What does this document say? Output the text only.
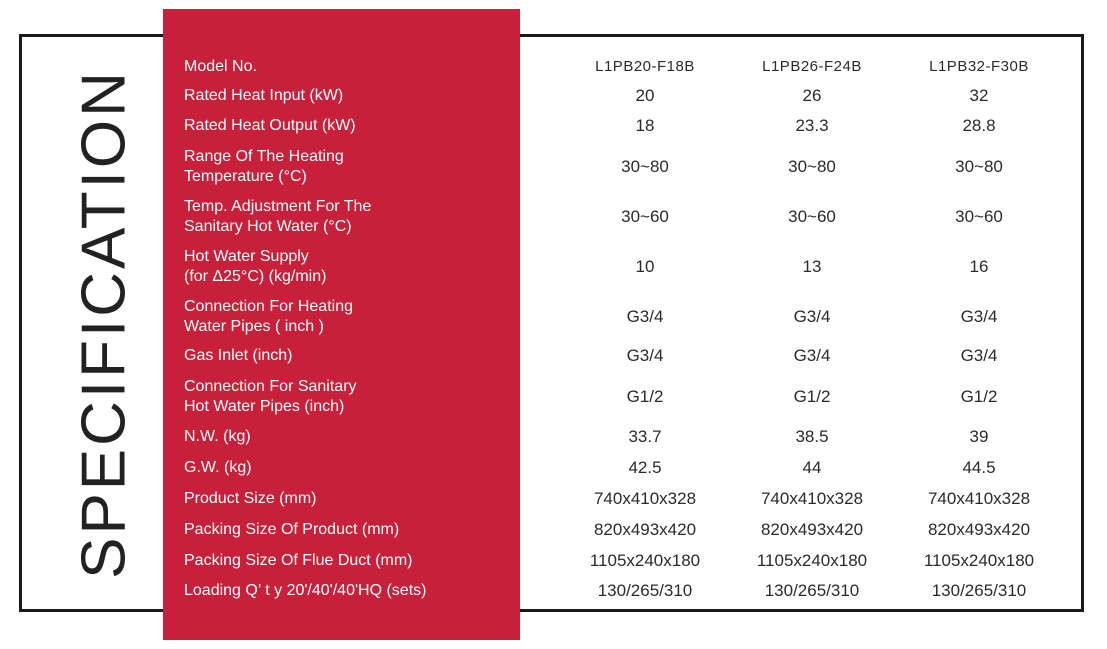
SPECIFICATION
Model No.	L1PB20-F18B	L1PB26-F24B	L1PB32-F30B
Rated Heat Input (kW)	20	26	32
Rated Heat Output (kW)	18	23.3	28.8
Range Of The Heating
Temperature (°C)
30~80	30~80	30~80
Temp. Adjustment For The
Sanitary Hot Water (°C)
30~60	30~60	30~60
Hot Water Supply
(for Δ25°C) (kg/min)
10	13	16
Connection For Heating
Water Pipes ( inch )
G3/4	G3/4	G3/4
Gas Inlet (inch)	G3/4	G3/4	G3/4
Connection For Sanitary
Hot Water Pipes (inch)
G1/2	G1/2	G1/2
N.W. (kg)	33.7	38.5	39
G.W. (kg)	42.5	44	44.5
Product Size (mm)	740x410x328	740x410x328	740x410x328
Packing Size Of Product (mm)	820x493x420	820x493x420	820x493x420
Packing Size Of Flue Duct (mm)	1105x240x180	1105x240x180	1105x240x180
Loading Q’ t y 20'/40'/40'HQ (sets)	130/265/310	130/265/310	130/265/310
